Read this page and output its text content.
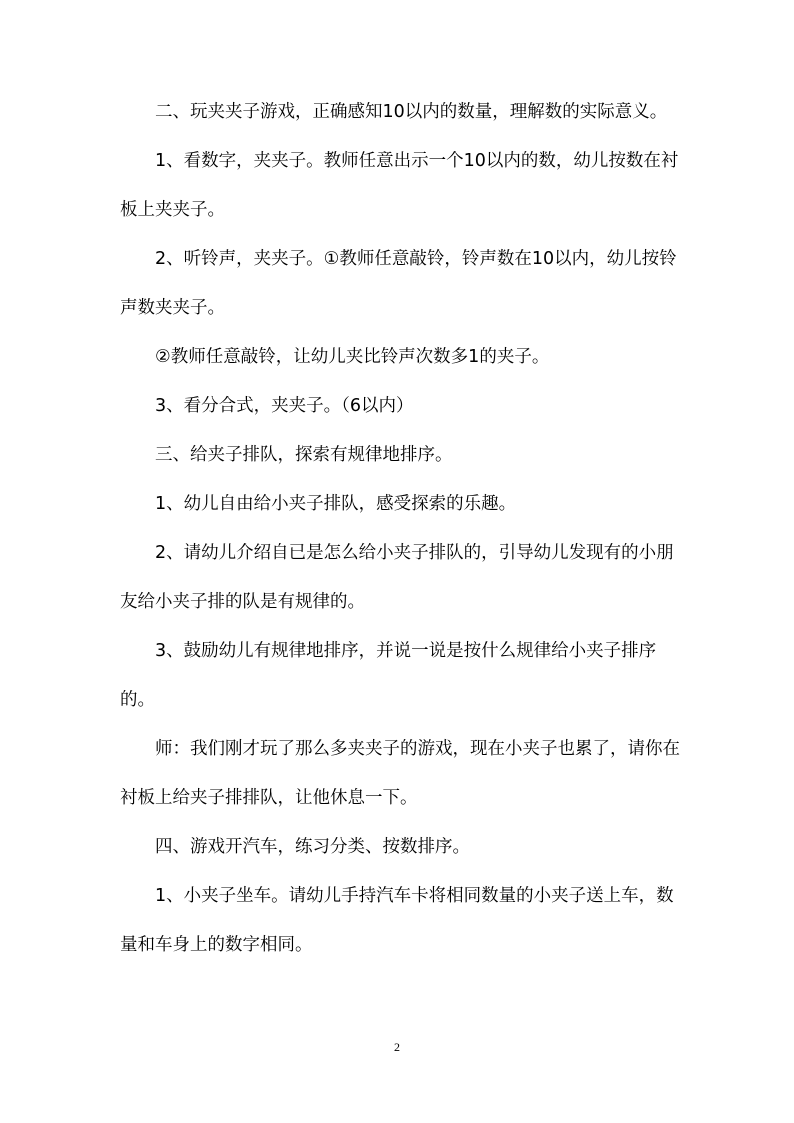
二、玩夹夹子游戏，正确感知10以内的数量，理解数的实际意义。

1、看数字，夹夹子。教师任意出示一个10以内的数，幼儿按数在衬板上夹夹子。

2、听铃声，夹夹子。①教师任意敲铃，铃声数在10以内，幼儿按铃声数夹夹子。

②教师任意敲铃，让幼儿夹比铃声次数多1的夹子。

3、看分合式，夹夹子。（6以内）

三、给夹子排队，探索有规律地排序。

1、幼儿自由给小夹子排队，感受探索的乐趣。

2、请幼儿介绍自已是怎么给小夹子排队的，引导幼儿发现有的小朋友给小夹子排的队是有规律的。

3、鼓励幼儿有规律地排序，并说一说是按什么规律给小夹子排序的。

师：我们刚才玩了那么多夹夹子的游戏，现在小夹子也累了，请你在衬板上给夹子排排队，让他休息一下。

四、游戏开汽车，练习分类、按数排序。

1、小夹子坐车。请幼儿手持汽车卡将相同数量的小夹子送上车，数量和车身上的数字相同。

2
